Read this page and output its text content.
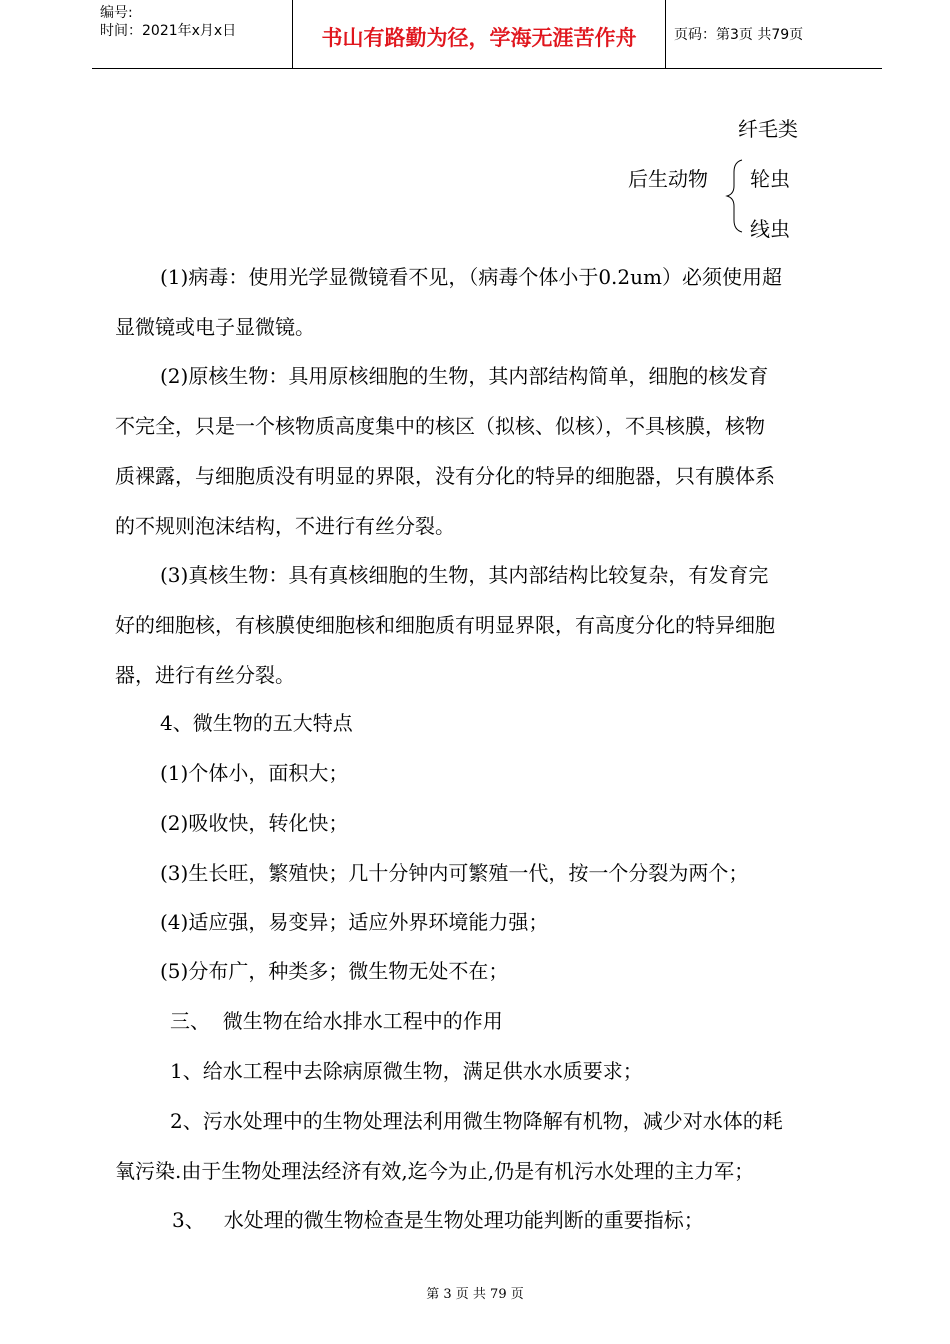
编号:
时间：2021年x月x日	书山有路勤为径，学海无涯苦作舟	页码：第3页 共79页
纤毛类
后生动物 轮虫
线虫
(1)病毒：使用光学显微镜看不见，（病毒个体小于0.2um）必须使用超
显微镜或电子显微镜。
(2)原核生物：具用原核细胞的生物，其内部结构简单，细胞的核发育
不完全，只是一个核物质高度集中的核区（拟核、似核），不具核膜，核物
质裸露，与细胞质没有明显的界限，没有分化的特异的细胞器，只有膜体系
的不规则泡沫结构，不进行有丝分裂。
(3)真核生物：具有真核细胞的生物，其内部结构比较复杂，有发育完
好的细胞核，有核膜使细胞核和细胞质有明显界限，有高度分化的特异细胞
器，进行有丝分裂。
4、微生物的五大特点
(1)个体小，面积大；
(2)吸收快，转化快；
(3)生长旺，繁殖快；几十分钟内可繁殖一代，按一个分裂为两个；
(4)适应强，易变异；适应外界环境能力强；
(5)分布广，种类多；微生物无处不在；
三、  微生物在给水排水工程中的作用
1、给水工程中去除病原微生物，满足供水水质要求；
2、污水处理中的生物处理法利用微生物降解有机物，减少对水体的耗
氧污染.由于生物处理法经济有效,迄今为止,仍是有机污水处理的主力军；
3、   水处理的微生物检查是生物处理功能判断的重要指标；
第 3 页 共 79 页
